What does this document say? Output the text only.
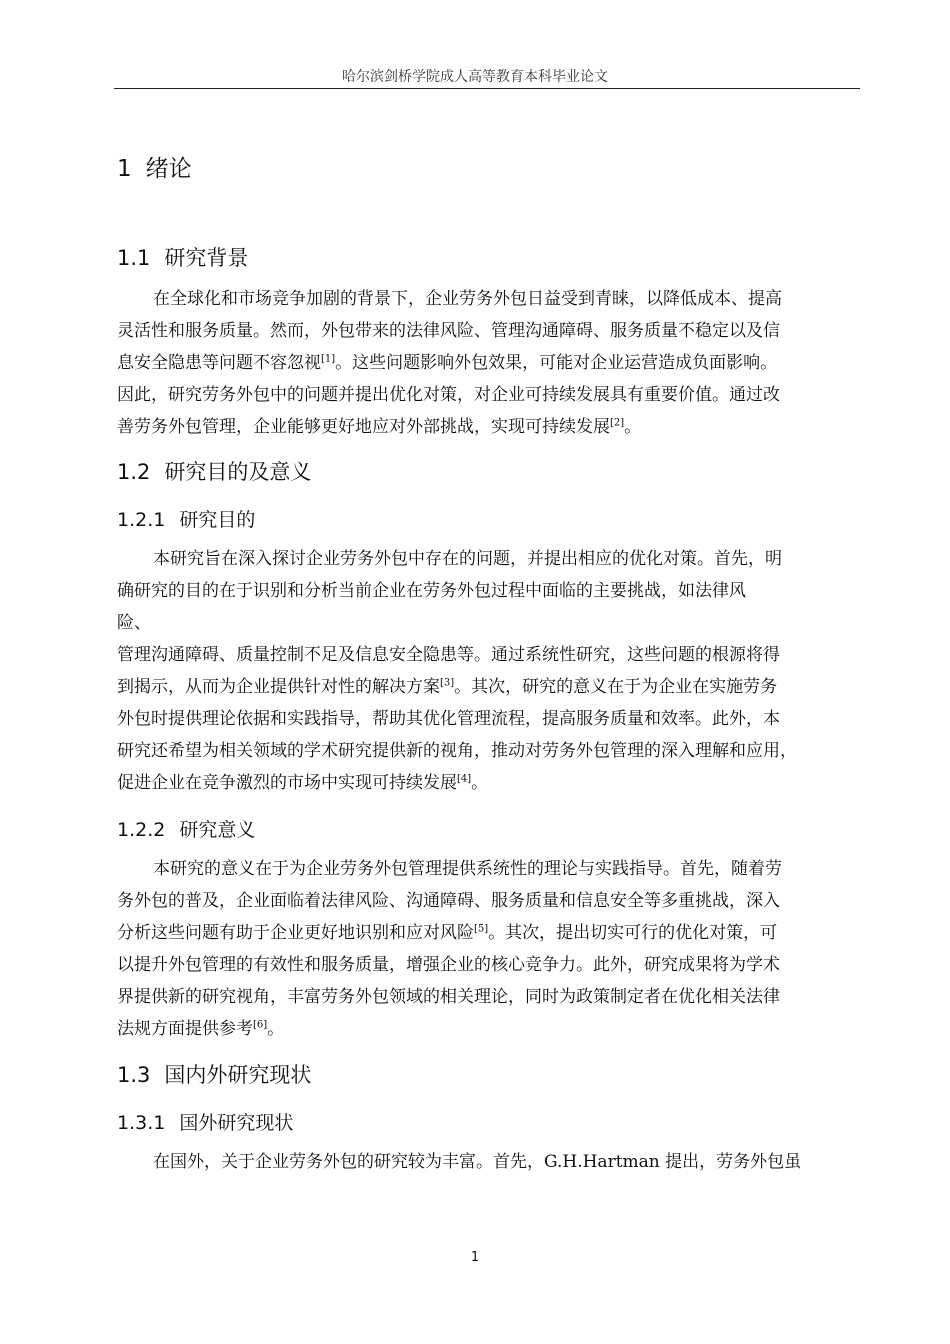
哈尔滨剑桥学院成人高等教育本科毕业论文
1 绪论
1.1 研究背景
在全球化和市场竞争加剧的背景下，企业劳务外包日益受到青睐，以降低成本、提高
灵活性和服务质量。然而，外包带来的法律风险、管理沟通障碍、服务质量不稳定以及信
息安全隐患等问题不容忽视[1]。这些问题影响外包效果，可能对企业运营造成负面影响。
因此，研究劳务外包中的问题并提出优化对策，对企业可持续发展具有重要价值。通过改
善劳务外包管理，企业能够更好地应对外部挑战，实现可持续发展[2]。
1.2 研究目的及意义
1.2.1 研究目的
本研究旨在深入探讨企业劳务外包中存在的问题，并提出相应的优化对策。首先，明
确研究的目的在于识别和分析当前企业在劳务外包过程中面临的主要挑战，如法律风
险、
管理沟通障碍、质量控制不足及信息安全隐患等。通过系统性研究，这些问题的根源将得
到揭示，从而为企业提供针对性的解决方案[3]。其次，研究的意义在于为企业在实施劳务
外包时提供理论依据和实践指导，帮助其优化管理流程，提高服务质量和效率。此外，本
研究还希望为相关领域的学术研究提供新的视角，推动对劳务外包管理的深入理解和应用，
促进企业在竞争激烈的市场中实现可持续发展[4]。
1.2.2 研究意义
本研究的意义在于为企业劳务外包管理提供系统性的理论与实践指导。首先，随着劳
务外包的普及，企业面临着法律风险、沟通障碍、服务质量和信息安全等多重挑战，深入
分析这些问题有助于企业更好地识别和应对风险[5]。其次，提出切实可行的优化对策，可
以提升外包管理的有效性和服务质量，增强企业的核心竞争力。此外，研究成果将为学术
界提供新的研究视角，丰富劳务外包领域的相关理论，同时为政策制定者在优化相关法律
法规方面提供参考[6]。
1.3 国内外研究现状
1.3.1 国外研究现状
在国外，关于企业劳务外包的研究较为丰富。首先，G.H.Hartman 提出，劳务外包虽
1
